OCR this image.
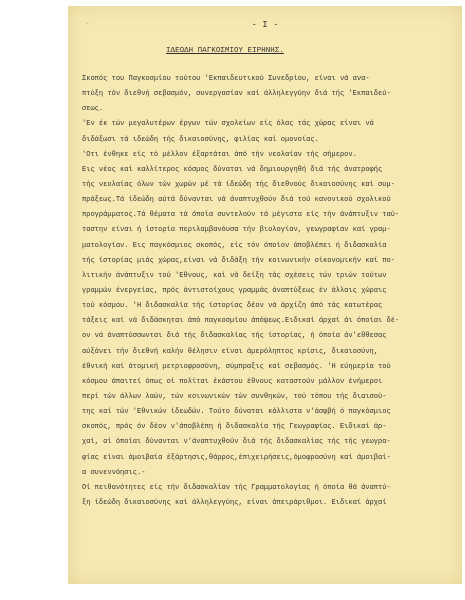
"	- I -
ΙΔΕΩΔΗ ΠΑΓΚΟΣΜΙΟΥ ΕΙΡΗΝΗΣ.
Σκοπός του Παγκοσμίου τούτου 'Εκπαιδευτικού Συνεδρίου, είναι νά ανα-
πτύξη τόν διεθνή σεβασμόν, συνεργασίαν καί άλληλεγγύην διά τής 'Εκπαιδεύ-
σεως.
'Εν έκ τών μεγαλυτέρων έργων τών σχολείων είς όλας τάς χώρας είναι νά
διδάξωσι τά ιδεώδη τής δικαιοσύνης, φιλίας καί ομονοίας.
'Οτι ένθηκε είς τό μέλλον έξαρτάται άπό τήν νεολαίαν τής σήμερον.
Εις νέος καί καλλίτερος κόσμος δύναται νά δημιουργηθή διά τής άνατροφής
τής νεολαίας όλων τών χωρών μέ τά ίδεώδη τής διεθνούς δικαιοσύνης καί συμ-
πράξεως.Τά ίδεώδη αύτά δύνανται νά άναπτυχθούν διά τού κανονικού σχολικού
προγράμματος.Τά θέματα τά όποία συντελούν τά μέγιστα είς τήν άνάπτυξιν ταύ-
ταστην είναι ή ίστορία περιλαμβανόυσα τήν βιολογίαν, γεωγραφίαν καί γραμ-
ματολογίαν. Εις παγκόσμιος σκοπός, είς τόν όποίον άποβλέπει ή διδασκαλία
τής ίστορίας μιάς χώρας,είναι νά διδάξη τήν κοινωνικήν οίκονομικήν καί πο-
λιτικήν άνάπτυξιν τού 'Εθνους, καί νά δείξη τάς σχέσεις τών τριών τούτων
γραμμών ένεργείας, πρός άντιστοίχους γραμμάς άναπτύξεως έν άλλαις χώραις
τού κόσμου. 'Η διδασκαλία τής ίστορίας δέον νά άρχίζη άπό τάς κατωτέρας
τάξεις καί νά διδάσκηται άπό παγκοσμίου άπόψεως.Ειδικαί άρχαί άι όποίαι δέ-
ον νά άναπτύσσωνται διά τής διδασκαλίας τής ίστορίας, ή όποία άν'εθθεσας
αύξάνει τήν διεθνή καλήν θέλησιν είναι άμερόληπτος κρίσις, δικαιοσύνη,
έθνική καί άτομική μετριοφροσύνη, σύμπραξις καί σεβασμός. 'Η εύημερία τού
κόσμου άπαιτεί όπως οί πολίται έκάστου έθνους καταστούν μάλλον ένήμεροι
περί τών άλλων λαών, τών κοινωνικών τών συνθηκών, τού τόπου τής διαισού-
της καί τών 'Εθνικών ίδεωδών. Τούτο δύναται κάλλιστα ν'άσφβή ό παγκόσμιος
σκοπός, πρός όν δέον ν'άποβλέπη ή διδασκαλία τής Γεωγραφίας. Ειδικαί άρ-
χαί, αί όποίαι δύνανται ν'άναπτυχθούν διά τής διδασκαλίας τής τής γεωγρα-
φίας είναι άμοιβαία έξάρτησις,θάρρος,έπιχειρήσεις,όμοφροσύνη καί άμοιβαί-
α συνεννόησις.-
Οί πειθανότητες είς τήν διδασκαλίαν τής Γραμματολογίας ή όποία θά άναπτύ-
ξη ίδεώδη δικαιοσύνης καί άλληλεγγύης, είναι άπειράριθμοι. Ειδικαί άρχαί
